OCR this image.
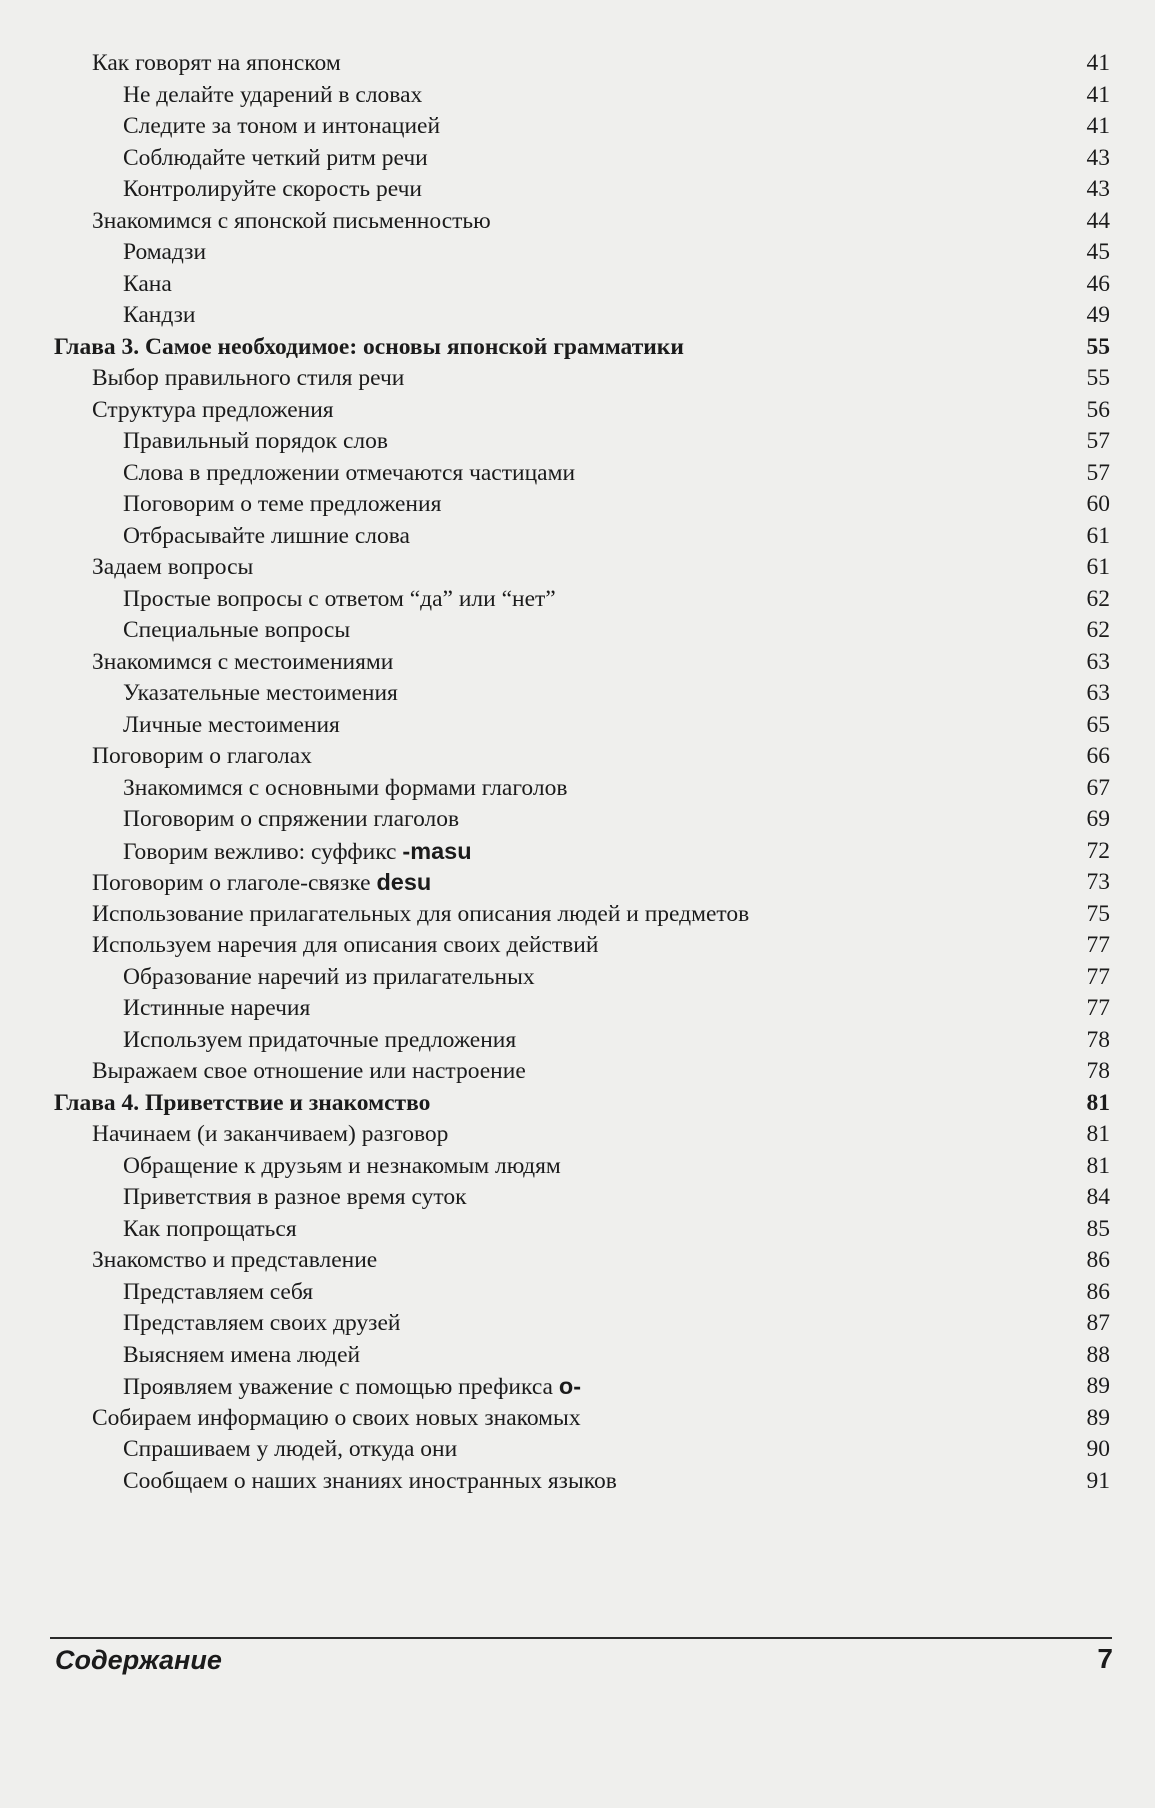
Как говорят на японском	41
Не делайте ударений в словах	41
Следите за тоном и интонацией	41
Соблюдайте четкий ритм речи	43
Контролируйте скорость речи	43
Знакомимся с японской письменностью	44
Ромадзи	45
Кана	46
Кандзи	49
Глава 3. Самое необходимое: основы японской грамматики	55
Выбор правильного стиля речи	55
Структура предложения	56
Правильный порядок слов	57
Слова в предложении отмечаются частицами	57
Поговорим о теме предложения	60
Отбрасывайте лишние слова	61
Задаем вопросы	61
Простые вопросы с ответом “да” или “нет”	62
Специальные вопросы	62
Знакомимся с местоимениями	63
Указательные местоимения	63
Личные местоимения	65
Поговорим о глаголах	66
Знакомимся с основными формами глаголов	67
Поговорим о спряжении глаголов	69
Говорим вежливо: суффикс -masu	72
Поговорим о глаголе-связке desu	73
Использование прилагательных для описания людей и предметов	75
Используем наречия для описания своих действий	77
Образование наречий из прилагательных	77
Истинные наречия	77
Используем придаточные предложения	78
Выражаем свое отношение или настроение	78
Глава 4. Приветствие и знакомство	81
Начинаем (и заканчиваем) разговор	81
Обращение к друзьям и незнакомым людям	81
Приветствия в разное время суток	84
Как попрощаться	85
Знакомство и представление	86
Представляем себя	86
Представляем своих друзей	87
Выясняем имена людей	88
Проявляем уважение с помощью префикса o-	89
Собираем информацию о своих новых знакомых	89
Спрашиваем у людей, откуда они	90
Сообщаем о наших знаниях иностранных языков	91
Содержание	7
